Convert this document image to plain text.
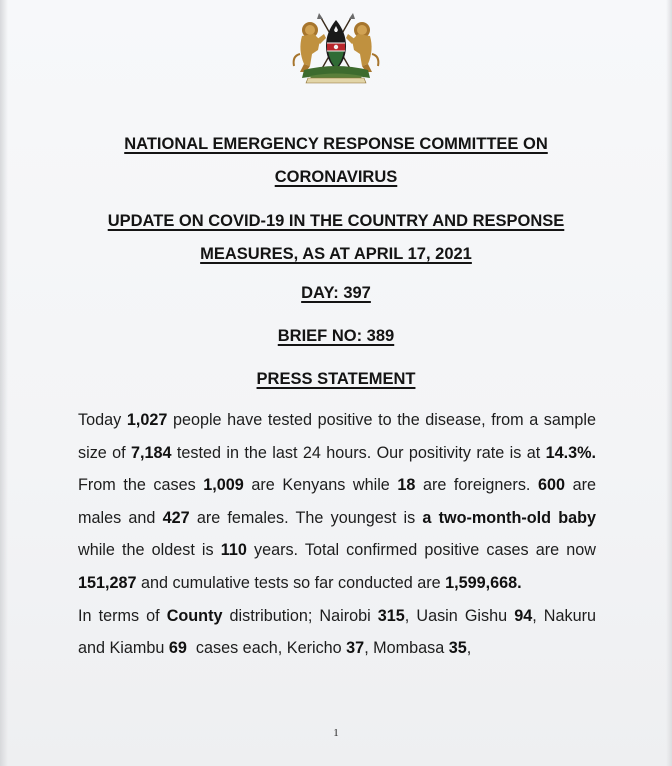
NATIONAL EMERGENCY RESPONSE COMMITTEE ON
CORONAVIRUS
UPDATE ON COVID-19 IN THE COUNTRY AND RESPONSE
MEASURES, AS AT APRIL 17, 2021
DAY: 397
BRIEF NO: 389
PRESS STATEMENT

Today 1,027 people have tested positive to the disease, from a sample size of 7,184 tested in the last 24 hours. Our positivity rate is at 14.3%. From the cases 1,009 are Kenyans while 18 are foreigners. 600 are males and 427 are females. The youngest is a two-month-old baby while the oldest is 110 years. Total confirmed positive cases are now 151,287 and cumulative tests so far conducted are 1,599,668.

In terms of County distribution; Nairobi 315, Uasin Gishu 94, Nakuru and Kiambu 69  cases each, Kericho 37, Mombasa 35,

1
